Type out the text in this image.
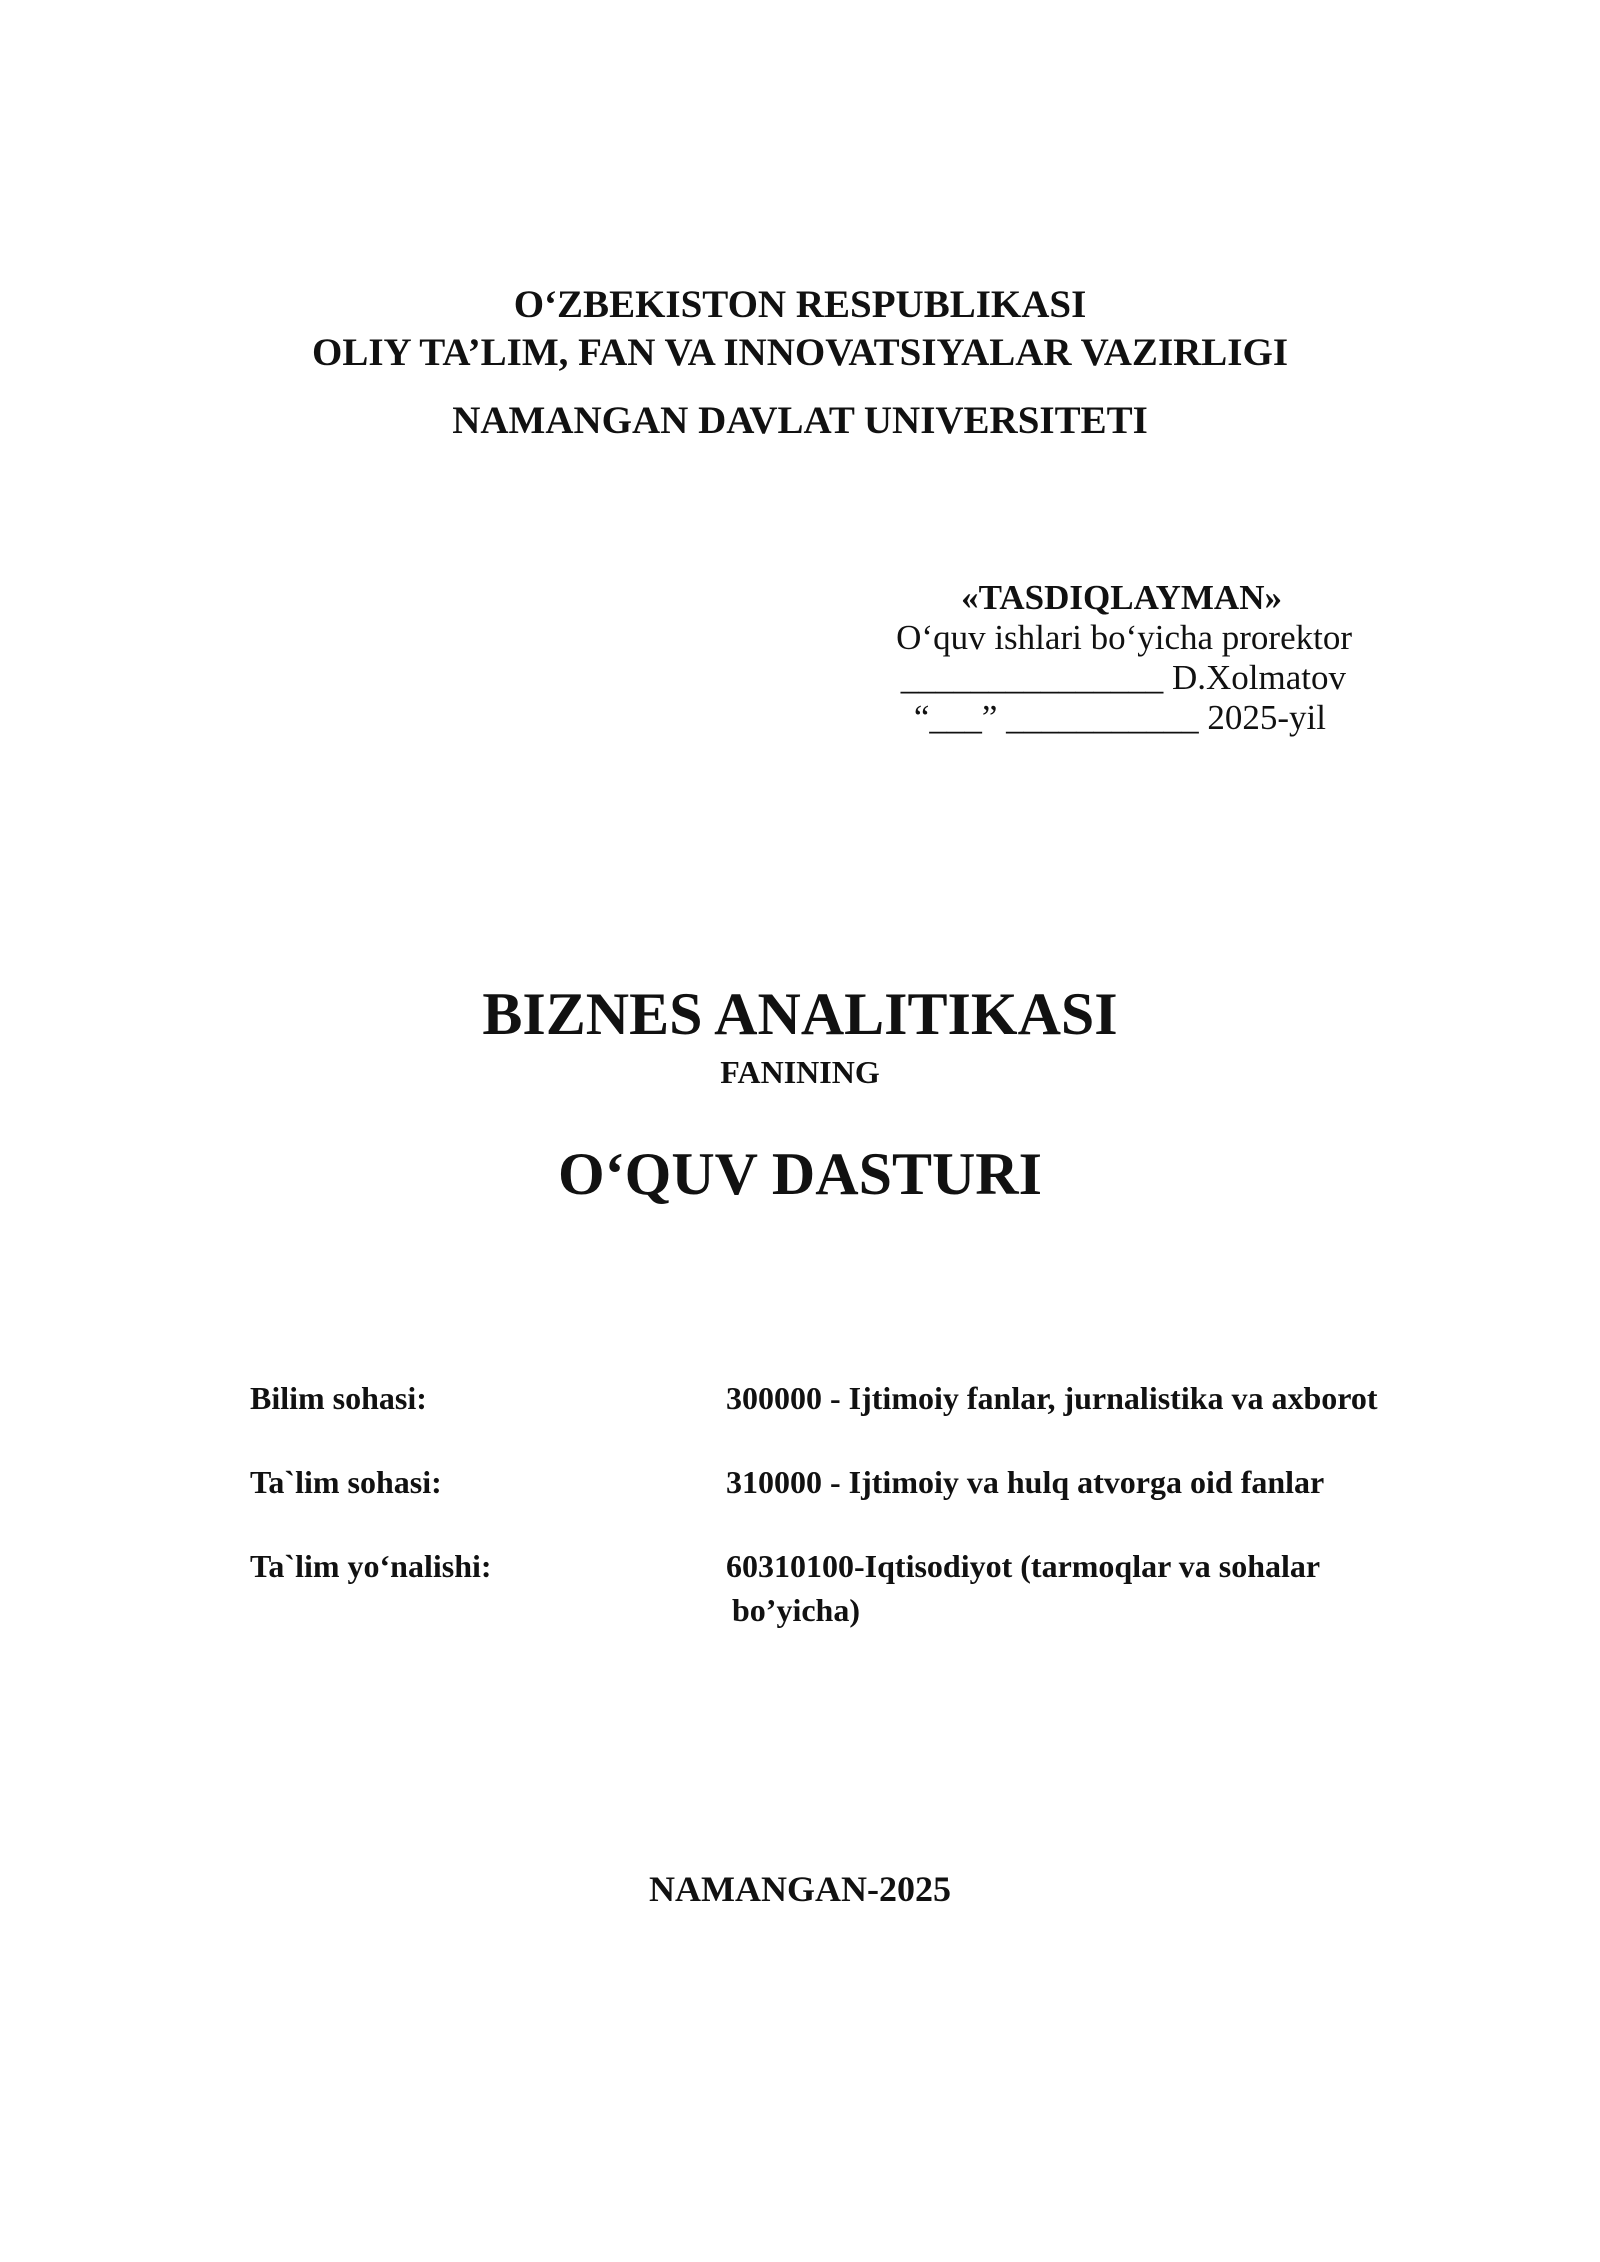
O‘ZBEKISTON RESPUBLIKASI
OLIY TA’LIM, FAN VA INNOVATSIYALAR VAZIRLIGI
NAMANGAN DAVLAT UNIVERSITETI
«TASDIQLAYMAN»
O‘quv ishlari bo‘yicha prorektor
_______________ D.Xolmatov
“___” ___________ 2025-yil
BIZNES ANALITIKASI
FANINING
O‘QUV DASTURI
Bilim sohasi:	300000 - Ijtimoiy fanlar, jurnalistika va axborot
Ta`lim sohasi:	310000 - Ijtimoiy va hulq atvorga oid fanlar
Ta`lim yo‘nalishi:	60310100-Iqtisodiyot (tarmoqlar va sohalar
bo’yicha)
NAMANGAN-2025
